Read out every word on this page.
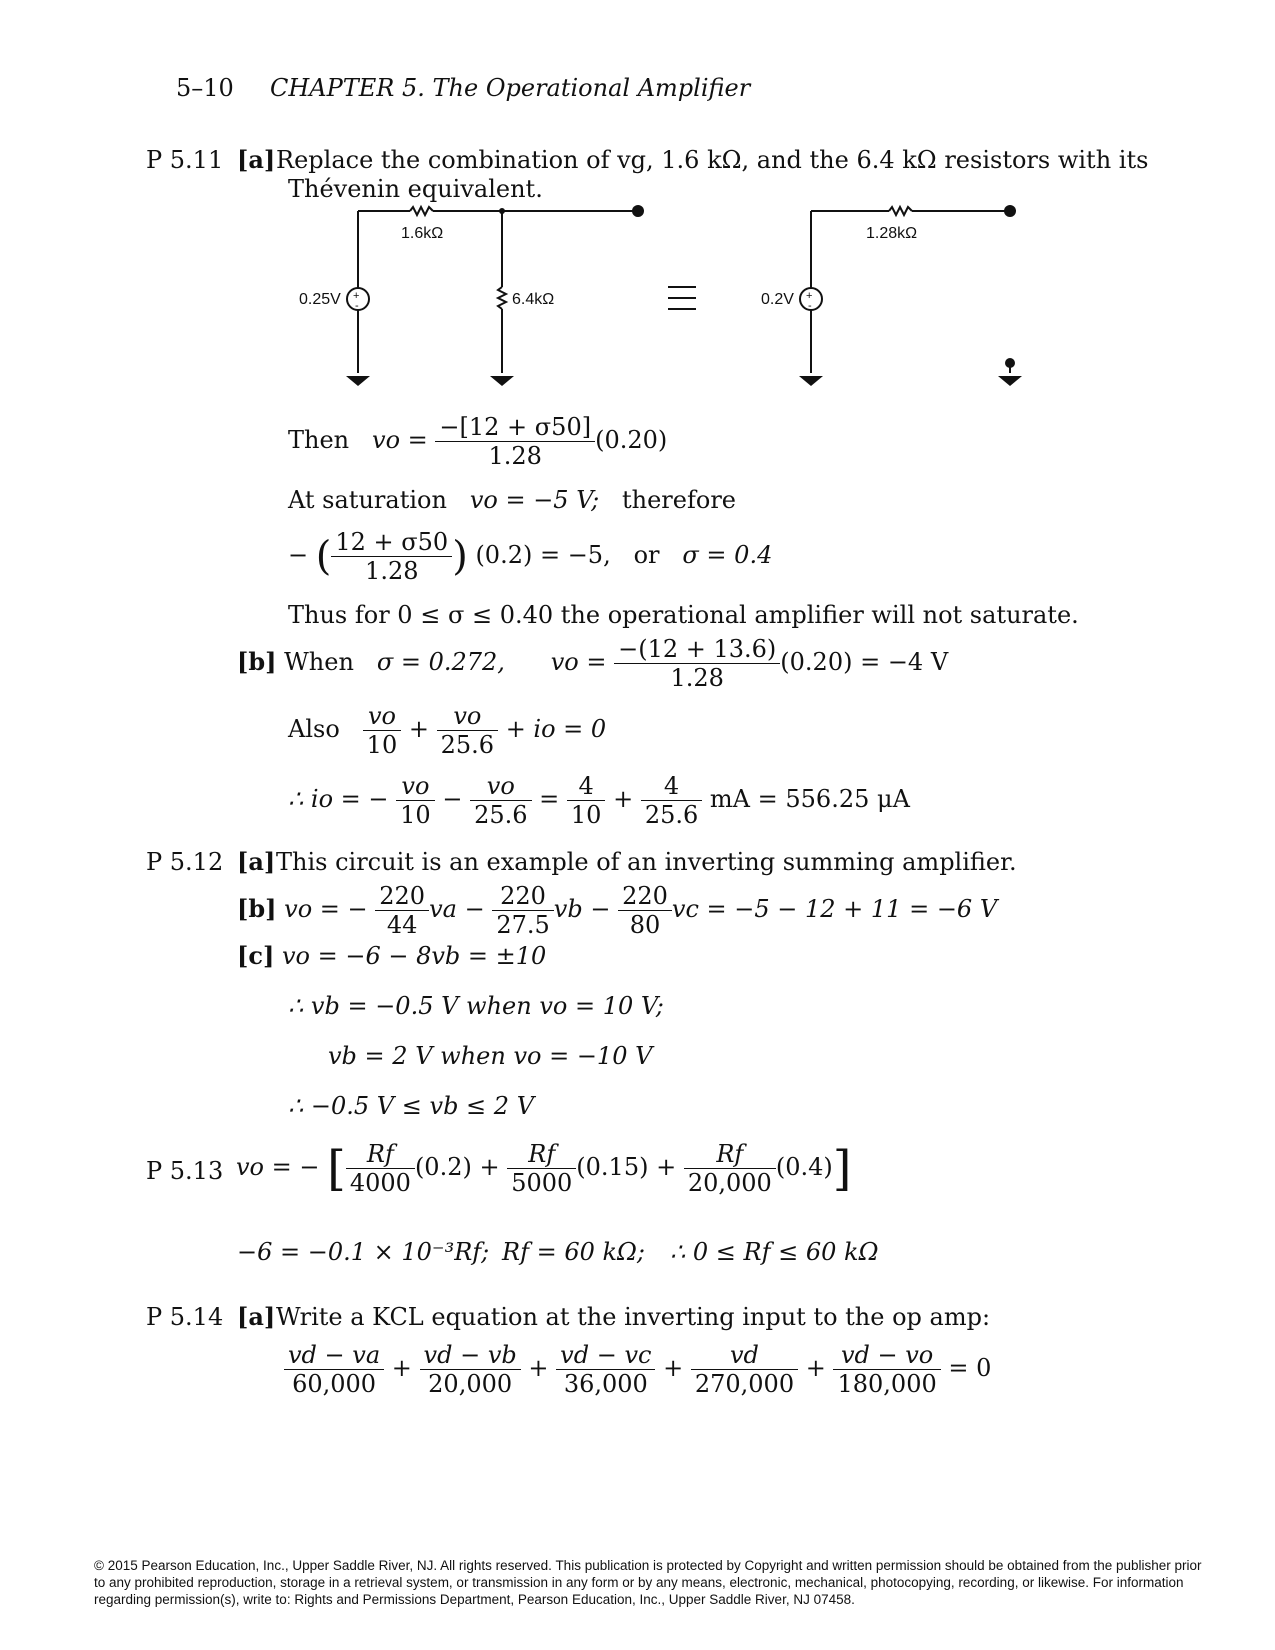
5–10 CHAPTER 5. The Operational Amplifier
P 5.11 [a] Replace the combination of vg, 1.6 kΩ, and the 6.4 kΩ resistors with its
Thévenin equivalent.
+
-
+
-
1.6kΩ
0.25V	6.4kΩ	0.2V
1.28kΩ
Then vo = $\frac{-[12 + \sigma 50]}{1.28} (0.20)$
At saturation vo = −5 V; therefore
− ( $\frac{12 + \sigma 50}{1.28}$ ) (0.2) = −5, or σ = 0.4
Thus for 0 ≤ σ ≤ 0.40 the operational amplifier will not saturate.
[b] When σ = 0.272, vo = $\frac{-(12 + 13.6)}{1.28} (0.20) = -4$ V
Also $\frac{vo}{10} + \frac{vo}{25.6}$ + io = 0
∴ io = − $\frac{vo}{10} - \frac{vo}{25.6} = \frac{4}{10} + \frac{4}{25.6}$ mA = 556.25 μA
P 5.12 [a] This circuit is an example of an inverting summing amplifier.
[b] vo = − $\frac{220}{44}$ va − $\frac{220}{27.5}$ vb − $\frac{220}{80}$ vc = −5 − 12 + 11 = −6 V
[c] vo = −6 − 8vb = ±10
∴ vb = −0.5 V when vo = 10 V;
vb = 2 V when vo = −10 V
∴ −0.5 V ≤ vb ≤ 2 V
P 5.13 vo = − [ $\frac{Rf}{4000} (0.2) + \frac{Rf}{5000} (0.15) + \frac{Rf}{20,000} (0.4)$]
−6 = −0.1 × 10⁻³Rf; Rf = 60 kΩ; ∴ 0 ≤ Rf ≤ 60 kΩ
P 5.14 [a] Write a KCL equation at the inverting input to the op amp:
$\frac{vd - va}{60,000} + \frac{vd - vb}{20,000} + \frac{vd - vc}{36,000} + \frac{vd}{270,000} + \frac{vd - vo}{180,000} = 0$
© 2015 Pearson Education, Inc., Upper Saddle River, NJ. All rights reserved. This publication is protected by Copyright and written permission should be obtained from the publisher prior to any prohibited reproduction, storage in a retrieval system, or transmission in any form or by any means, electronic, mechanical, photocopying, recording, or likewise. For information regarding permission(s), write to: Rights and Permissions Department, Pearson Education, Inc., Upper Saddle River, NJ 07458.
